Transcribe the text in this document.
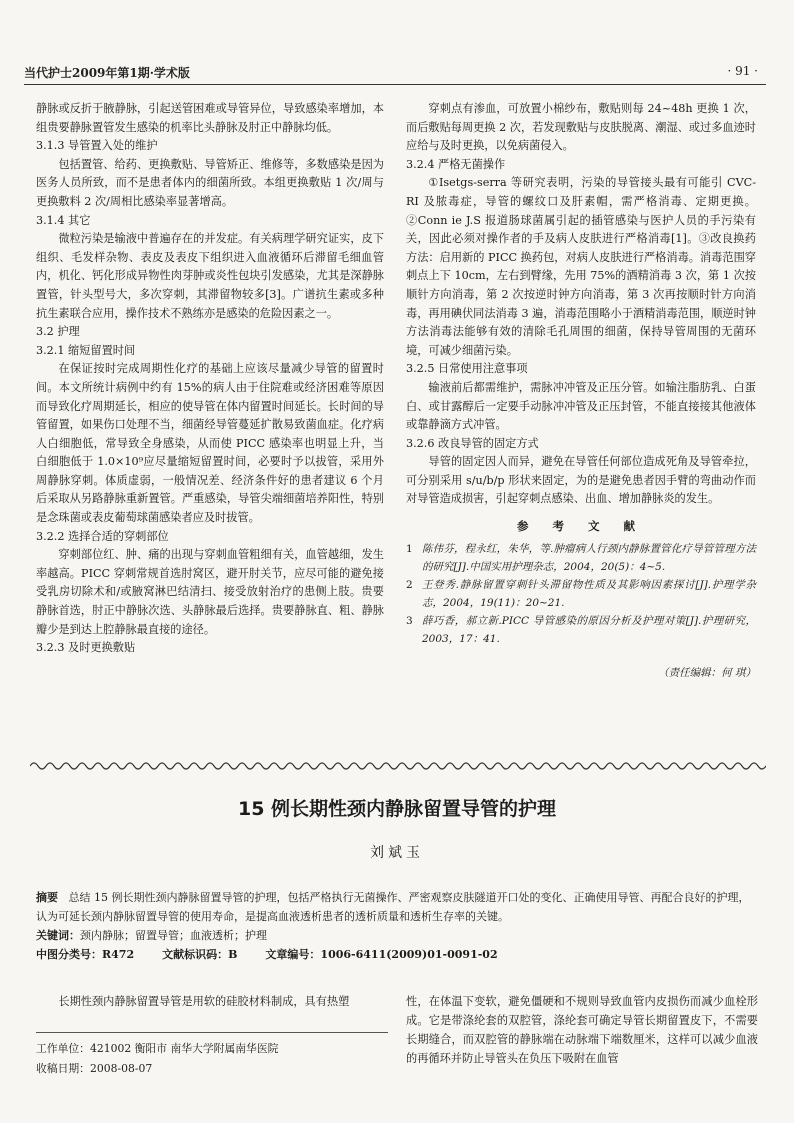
当代护士2009年第1期·学术版	· 91 ·

静脉或反折于腋静脉，引起送管困难或导管异位，导致感染率增加，本组贵要静脉置管发生感染的机率比头静脉及肘正中静脉均低。

3.1.3 导管置入处的维护

包括置管、给药、更换敷贴、导管矫正、维修等，多数感染是因为医务人员所致，而不是患者体内的细菌所致。本组更换敷贴 1 次/周与更换敷料 2 次/周相比感染率显著增高。

3.1.4 其它

微粒污染是输液中普遍存在的并发症。有关病理学研究证实，皮下组织、毛发样杂物、表皮及表皮下组织进入血液循环后滞留毛细血管内，机化、钙化形成异物性肉芽肿或炎性包块引发感染，尤其是深静脉置管，针头型号大，多次穿刺，其滞留物较多[3]。广谱抗生素或多种抗生素联合应用，操作技术不熟练亦是感染的危险因素之一。

3.2 护理
3.2.1 缩短留置时间

在保证按时完成周期性化疗的基础上应该尽量减少导管的留置时间。本文所统计病例中约有 15%的病人由于住院难或经济困难等原因而导致化疗周期延长，相应的使导管在体内留置时间延长。长时间的导管留置，如果伤口处理不当，细菌经导管蔓延扩散易致菌血症。化疗病人白细胞低，常导致全身感染，从而使 PICC 感染率也明显上升，当白细胞低于 1.0×10⁹应尽量缩短留置时间，必要时予以拔管，采用外周静脉穿刺。体质虚弱，一般情况差、经济条件好的患者建议 6 个月后采取从另路静脉重新置管。严重感染，导管尖端细菌培养阳性，特别是念珠菌或表皮葡萄球菌感染者应及时拔管。

3.2.2 选择合适的穿刺部位

穿刺部位红、肿、痛的出现与穿刺血管粗细有关，血管越细，发生率越高。PICC 穿刺常规首选肘窝区，避开肘关节，应尽可能的避免接受乳房切除术和/或腋窝淋巴结清扫、接受放射治疗的患侧上肢。贵要静脉首选，肘正中静脉次选、头静脉最后选择。贵要静脉直、粗、静脉瓣少是到达上腔静脉最直接的途径。

3.2.3 及时更换敷贴

穿刺点有渗血，可放置小棉纱布，敷贴则每 24~48h 更换 1 次，而后敷贴每周更换 2 次，若发现敷贴与皮肤脱离、潮湿、或过多血迹时应给与及时更换，以免病菌侵入。

3.2.4 严格无菌操作

①Isetgs-serra 等研究表明，污染的导管接头最有可能引 CVC-RI 及脓毒症，导管的螺纹口及肝素帽，需严格消毒、定期更换。②Conn ie J.S 报道肠球菌属引起的插管感染与医护人员的手污染有关，因此必须对操作者的手及病人皮肤进行严格消毒[1]。③改良换药方法：启用新的 PICC 换药包，对病人皮肤进行严格消毒。消毒范围穿刺点上下 10cm，左右到臂缘，先用 75%的酒精消毒 3 次，第 1 次按顺针方向消毒，第 2 次按逆时钟方向消毒，第 3 次再按顺时针方向消毒，再用碘伏同法消毒 3 遍，消毒范围略小于酒精消毒范围，顺逆时钟方法消毒法能够有效的清除毛孔周围的细菌，保持导管周围的无菌环境，可减少细菌污染。

3.2.5 日常使用注意事项

输液前后都需维护，需脉冲冲管及正压分管。如输注脂肪乳、白蛋白、或甘露醇后一定要手动脉冲冲管及正压封管，不能直接接其他液体或靠静滴方式冲管。

3.2.6 改良导管的固定方式

导管的固定因人而异，避免在导管任何部位造成死角及导管牵拉，可分别采用 s/u/b/p 形状来固定，为的是避免患者因手臂的弯曲动作而对导管造成损害，引起穿刺点感染、出血、增加静脉炎的发生。

参 考 文 献
1 陈伟芬，程永红，朱华，等.肿瘤病人行颈内静脉置管化疗导管管理方法的研究[J].中国实用护理杂志，2004，20(5)：4~5.
2 王登秀.静脉留置穿刺针头滞留物性质及其影响因素探讨[J].护理学杂志，2004，19(11)：20~21.
3 薛巧香，郝立新.PICC 导管感染的原因分析及护理对策[J].护理研究，2003，17：41.
（责任编辑：何 琪）
15 例长期性颈内静脉留置导管的护理
刘斌玉
摘要 总结 15 例长期性颈内静脉留置导管的护理，包括严格执行无菌操作、严密观察皮肤隧道开口处的变化、正确使用导管、再配合良好的护理，认为可延长颈内静脉留置导管的使用寿命，是提高血液透析患者的透析质量和透析生存率的关键。
关键词：颈内静脉；留置导管；血液透析；护理
中图分类号：R472	文献标识码：B	文章编号：1006-6411(2009)01-0091-02

长期性颈内静脉留置导管是用软的硅胶材料制成，具有热塑	性，在体温下变软，避免僵硬和不规则导致血管内皮损伤而减少血栓形成。它是带涤纶套的双腔管，涤纶套可确定导管长期留置皮下，不需要长期缝合，而双腔管的静脉端在动脉端下端数厘米，这样可以减少血液的再循环并防止导管头在负压下吸附在血管

工作单位：421002 衡阳市 南华大学附属南华医院
收稿日期：2008-08-07
